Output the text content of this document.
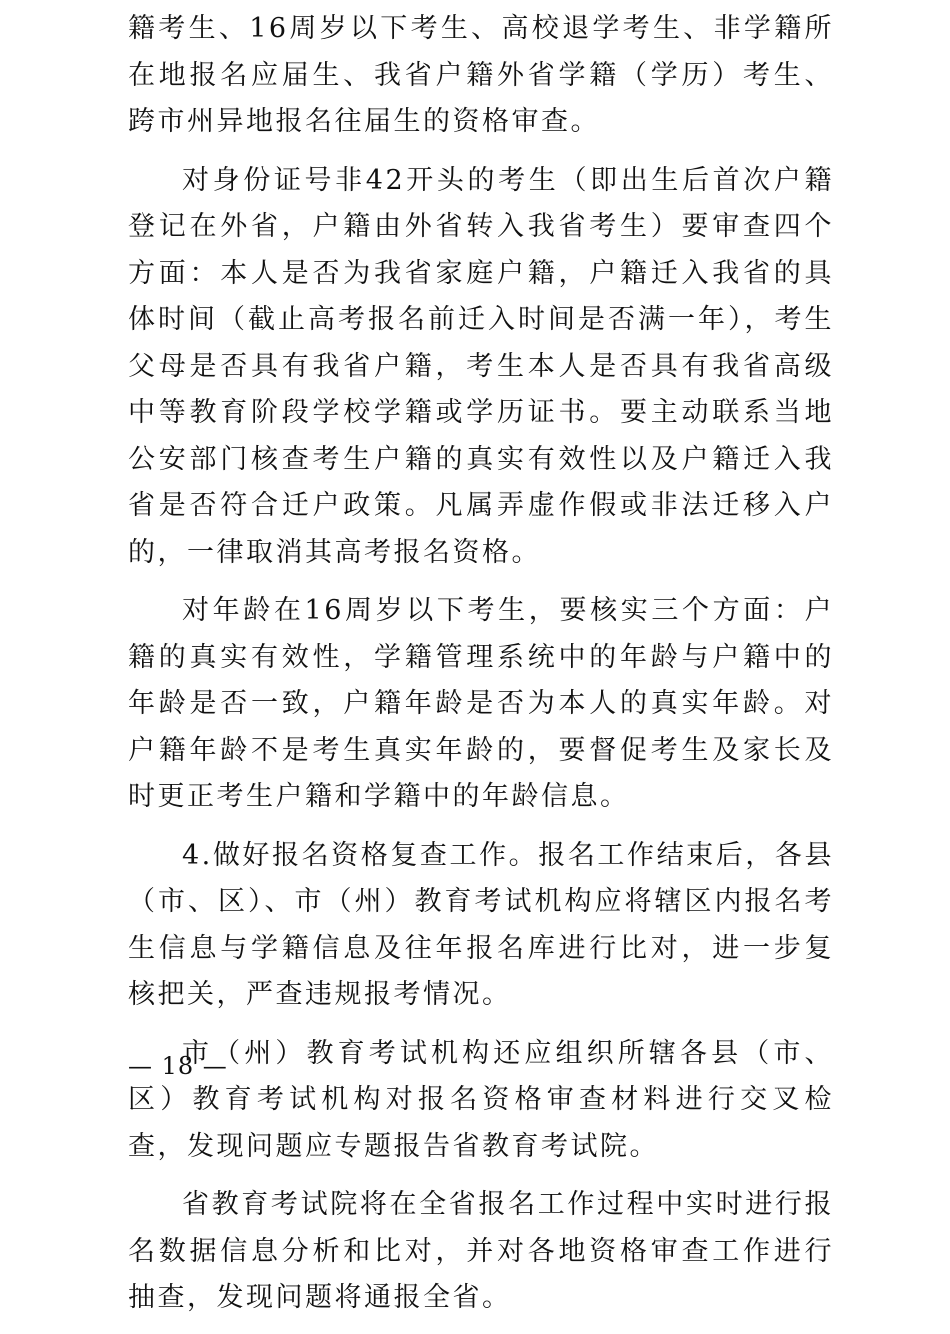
籍考生、16周岁以下考生、高校退学考生、非学籍所在地报名应届生、我省户籍外省学籍（学历）考生、跨市州异地报名往届生的资格审查。

对身份证号非42开头的考生（即出生后首次户籍登记在外省，户籍由外省转入我省考生）要审查四个方面：本人是否为我省家庭户籍，户籍迁入我省的具体时间（截止高考报名前迁入时间是否满一年），考生父母是否具有我省户籍，考生本人是否具有我省高级中等教育阶段学校学籍或学历证书。要主动联系当地公安部门核查考生户籍的真实有效性以及户籍迁入我省是否符合迁户政策。凡属弄虚作假或非法迁移入户的，一律取消其高考报名资格。

对年龄在16周岁以下考生，要核实三个方面：户籍的真实有效性，学籍管理系统中的年龄与户籍中的年龄是否一致，户籍年龄是否为本人的真实年龄。对户籍年龄不是考生真实年龄的，要督促考生及家长及时更正考生户籍和学籍中的年龄信息。

4.做好报名资格复查工作。报名工作结束后，各县（市、区）、市（州）教育考试机构应将辖区内报名考生信息与学籍信息及往年报名库进行比对，进一步复核把关，严查违规报考情况。

市（州）教育考试机构还应组织所辖各县（市、区）教育考试机构对报名资格审查材料进行交叉检查，发现问题应专题报告省教育考试院。

省教育考试院将在全省报名工作过程中实时进行报名数据信息分析和比对，并对各地资格审查工作进行抽查，发现问题将通报全省。

— 18 —
